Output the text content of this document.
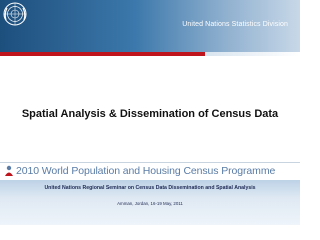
United Nations Statistics Division
Spatial Analysis & Dissemination of Census Data
2010 World Population and Housing Census Programme
United Nations Regional Seminar on Census Data Dissemination and Spatial Analysis
Amman, Jordan, 16-19 May, 2011
